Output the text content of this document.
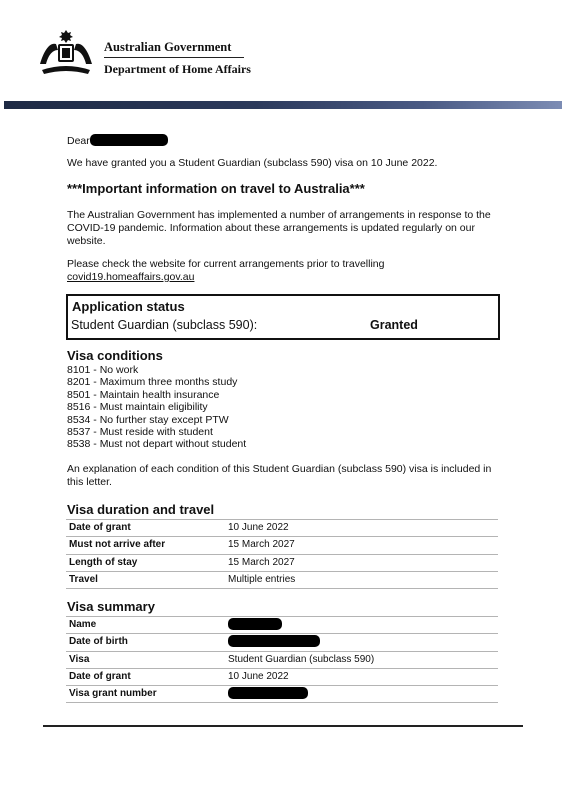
Australian Government
Department of Home Affairs
Dear
We have granted you a Student Guardian (subclass 590) visa on 10 June 2022.
***Important information on travel to Australia***
The Australian Government has implemented a number of arrangements in response to the COVID-19 pandemic. Information about these arrangements is updated regularly on our website.
Please check the website for current arrangements prior to travelling
covid19.homeaffairs.gov.au
Application status
Student Guardian (subclass 590):	Granted
Visa conditions
8101 - No work
8201 - Maximum three months study
8501 - Maintain health insurance
8516 - Must maintain eligibility
8534 - No further stay except PTW
8537 - Must reside with student
8538 - Must not depart without student
An explanation of each condition of this Student Guardian (subclass 590) visa is included in this letter.
Visa duration and travel
Date of grant	10 June 2022
Must not arrive after	15 March 2027
Length of stay	15 March 2027
Travel	Multiple entries
Visa summary
Name
Date of birth
Visa	Student Guardian (subclass 590)
Date of grant	10 June 2022
Visa grant number
